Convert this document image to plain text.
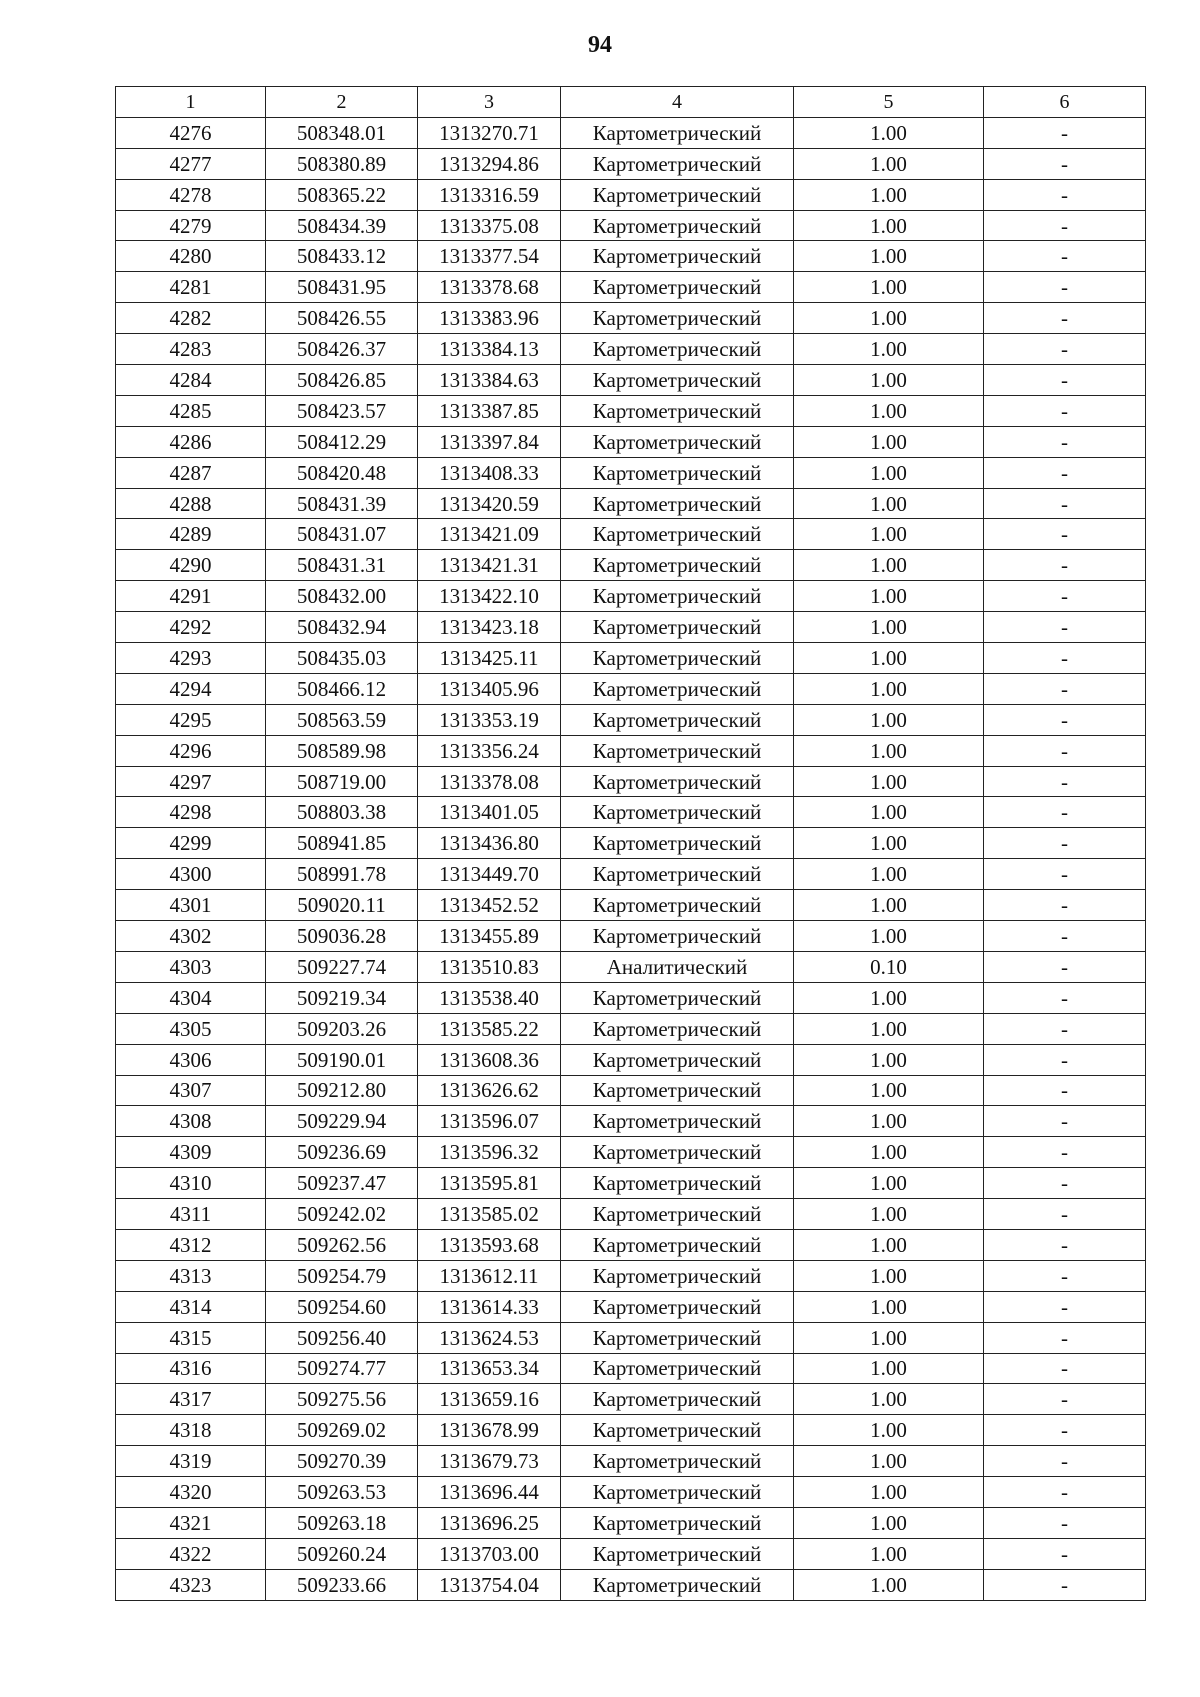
94
1	2	3	4	5	6
4276	508348.01	1313270.71	Картометрический	1.00	-
4277	508380.89	1313294.86	Картометрический	1.00	-
4278	508365.22	1313316.59	Картометрический	1.00	-
4279	508434.39	1313375.08	Картометрический	1.00	-
4280	508433.12	1313377.54	Картометрический	1.00	-
4281	508431.95	1313378.68	Картометрический	1.00	-
4282	508426.55	1313383.96	Картометрический	1.00	-
4283	508426.37	1313384.13	Картометрический	1.00	-
4284	508426.85	1313384.63	Картометрический	1.00	-
4285	508423.57	1313387.85	Картометрический	1.00	-
4286	508412.29	1313397.84	Картометрический	1.00	-
4287	508420.48	1313408.33	Картометрический	1.00	-
4288	508431.39	1313420.59	Картометрический	1.00	-
4289	508431.07	1313421.09	Картометрический	1.00	-
4290	508431.31	1313421.31	Картометрический	1.00	-
4291	508432.00	1313422.10	Картометрический	1.00	-
4292	508432.94	1313423.18	Картометрический	1.00	-
4293	508435.03	1313425.11	Картометрический	1.00	-
4294	508466.12	1313405.96	Картометрический	1.00	-
4295	508563.59	1313353.19	Картометрический	1.00	-
4296	508589.98	1313356.24	Картометрический	1.00	-
4297	508719.00	1313378.08	Картометрический	1.00	-
4298	508803.38	1313401.05	Картометрический	1.00	-
4299	508941.85	1313436.80	Картометрический	1.00	-
4300	508991.78	1313449.70	Картометрический	1.00	-
4301	509020.11	1313452.52	Картометрический	1.00	-
4302	509036.28	1313455.89	Картометрический	1.00	-
4303	509227.74	1313510.83	Аналитический	0.10	-
4304	509219.34	1313538.40	Картометрический	1.00	-
4305	509203.26	1313585.22	Картометрический	1.00	-
4306	509190.01	1313608.36	Картометрический	1.00	-
4307	509212.80	1313626.62	Картометрический	1.00	-
4308	509229.94	1313596.07	Картометрический	1.00	-
4309	509236.69	1313596.32	Картометрический	1.00	-
4310	509237.47	1313595.81	Картометрический	1.00	-
4311	509242.02	1313585.02	Картометрический	1.00	-
4312	509262.56	1313593.68	Картометрический	1.00	-
4313	509254.79	1313612.11	Картометрический	1.00	-
4314	509254.60	1313614.33	Картометрический	1.00	-
4315	509256.40	1313624.53	Картометрический	1.00	-
4316	509274.77	1313653.34	Картометрический	1.00	-
4317	509275.56	1313659.16	Картометрический	1.00	-
4318	509269.02	1313678.99	Картометрический	1.00	-
4319	509270.39	1313679.73	Картометрический	1.00	-
4320	509263.53	1313696.44	Картометрический	1.00	-
4321	509263.18	1313696.25	Картометрический	1.00	-
4322	509260.24	1313703.00	Картометрический	1.00	-
4323	509233.66	1313754.04	Картометрический	1.00	-
